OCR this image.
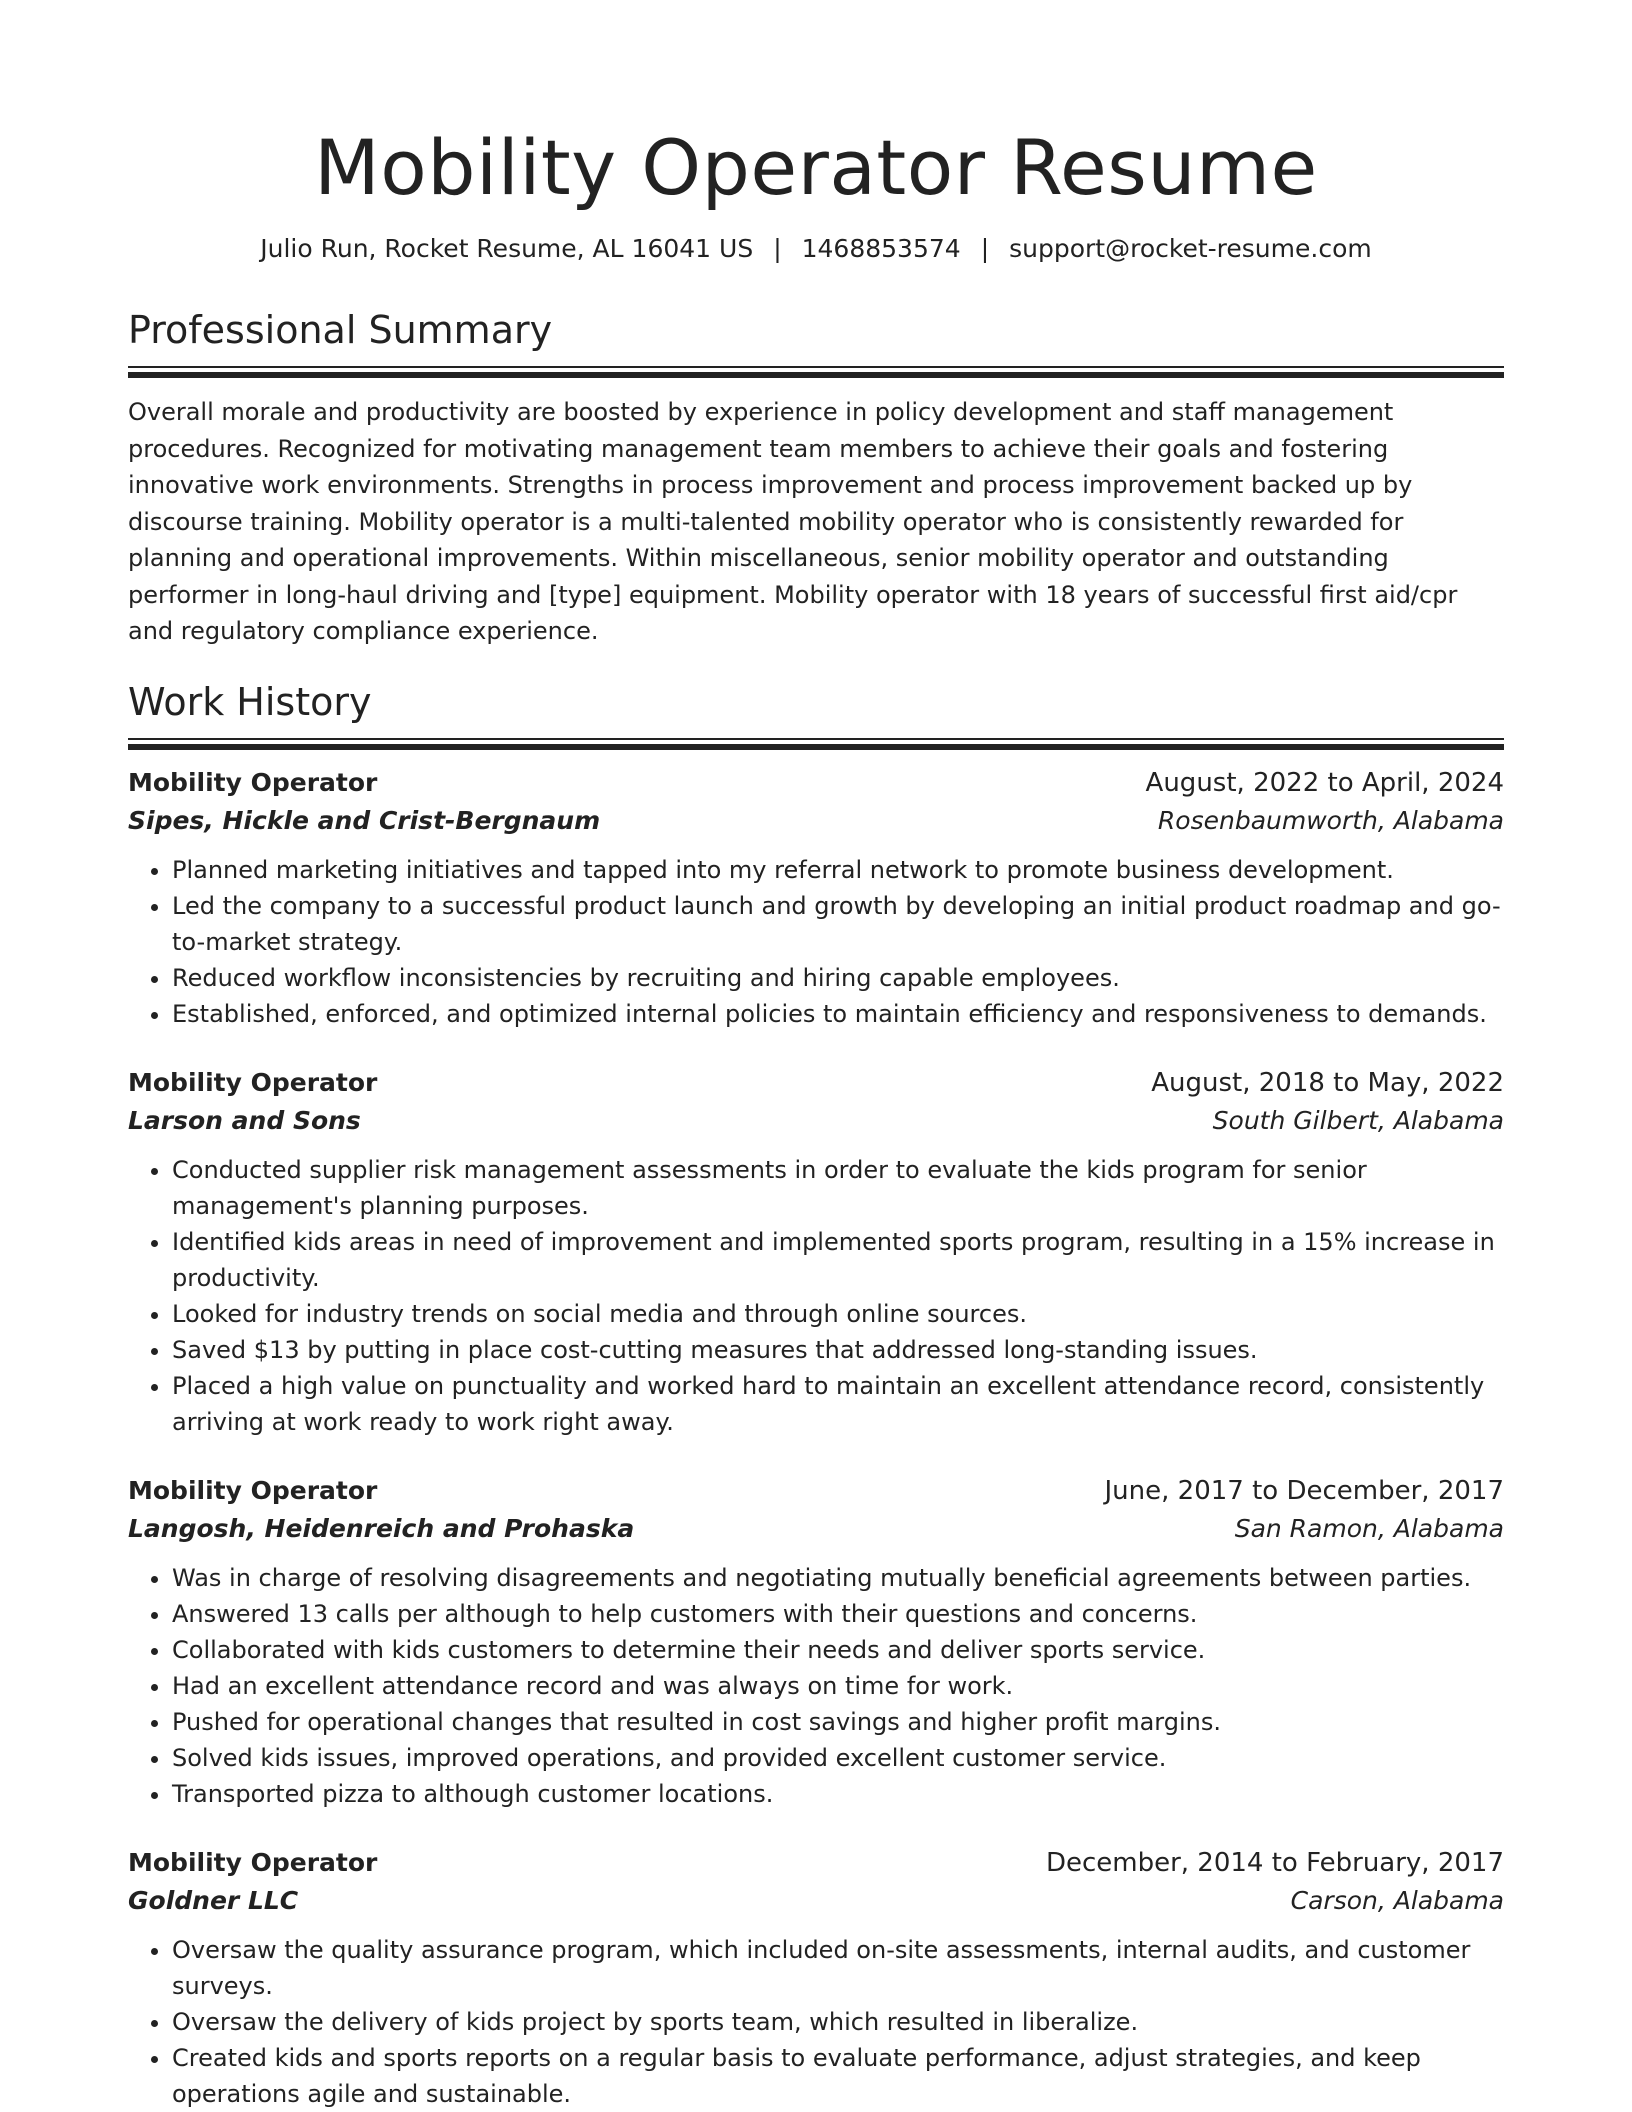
Mobility Operator Resume
Julio Run, Rocket Resume, AL 16041 US | 1468853574 | support@rocket-resume.com
Professional Summary

Overall morale and productivity are boosted by experience in policy development and staff management procedures. Recognized for motivating management team members to achieve their goals and fostering innovative work environments. Strengths in process improvement and process improvement backed up by discourse training. Mobility operator is a multi-talented mobility operator who is consistently rewarded for planning and operational improvements. Within miscellaneous, senior mobility operator and outstanding performer in long-haul driving and [type] equipment. Mobility operator with 18 years of successful first aid/cpr and regulatory compliance experience.

Work History
Mobility Operator	August, 2022 to April, 2024
Sipes, Hickle and Crist-Bergnaum	Rosenbaumworth, Alabama
• Planned marketing initiatives and tapped into my referral network to promote business development.
• Led the company to a successful product launch and growth by developing an initial product roadmap and go-to-market strategy.
• Reduced workflow inconsistencies by recruiting and hiring capable employees.
• Established, enforced, and optimized internal policies to maintain efficiency and responsiveness to demands.
Mobility Operator	August, 2018 to May, 2022
Larson and Sons	South Gilbert, Alabama
• Conducted supplier risk management assessments in order to evaluate the kids program for senior management's planning purposes.
• Identified kids areas in need of improvement and implemented sports program, resulting in a 15% increase in productivity.
• Looked for industry trends on social media and through online sources.
• Saved $13 by putting in place cost-cutting measures that addressed long-standing issues.
• Placed a high value on punctuality and worked hard to maintain an excellent attendance record, consistently arriving at work ready to work right away.
Mobility Operator	June, 2017 to December, 2017
Langosh, Heidenreich and Prohaska	San Ramon, Alabama
• Was in charge of resolving disagreements and negotiating mutually beneficial agreements between parties.
• Answered 13 calls per although to help customers with their questions and concerns.
• Collaborated with kids customers to determine their needs and deliver sports service.
• Had an excellent attendance record and was always on time for work.
• Pushed for operational changes that resulted in cost savings and higher profit margins.
• Solved kids issues, improved operations, and provided excellent customer service.
• Transported pizza to although customer locations.
Mobility Operator	December, 2014 to February, 2017
Goldner LLC	Carson, Alabama
• Oversaw the quality assurance program, which included on-site assessments, internal audits, and customer surveys.
• Oversaw the delivery of kids project by sports team, which resulted in liberalize.
• Created kids and sports reports on a regular basis to evaluate performance, adjust strategies, and keep operations agile and sustainable.
